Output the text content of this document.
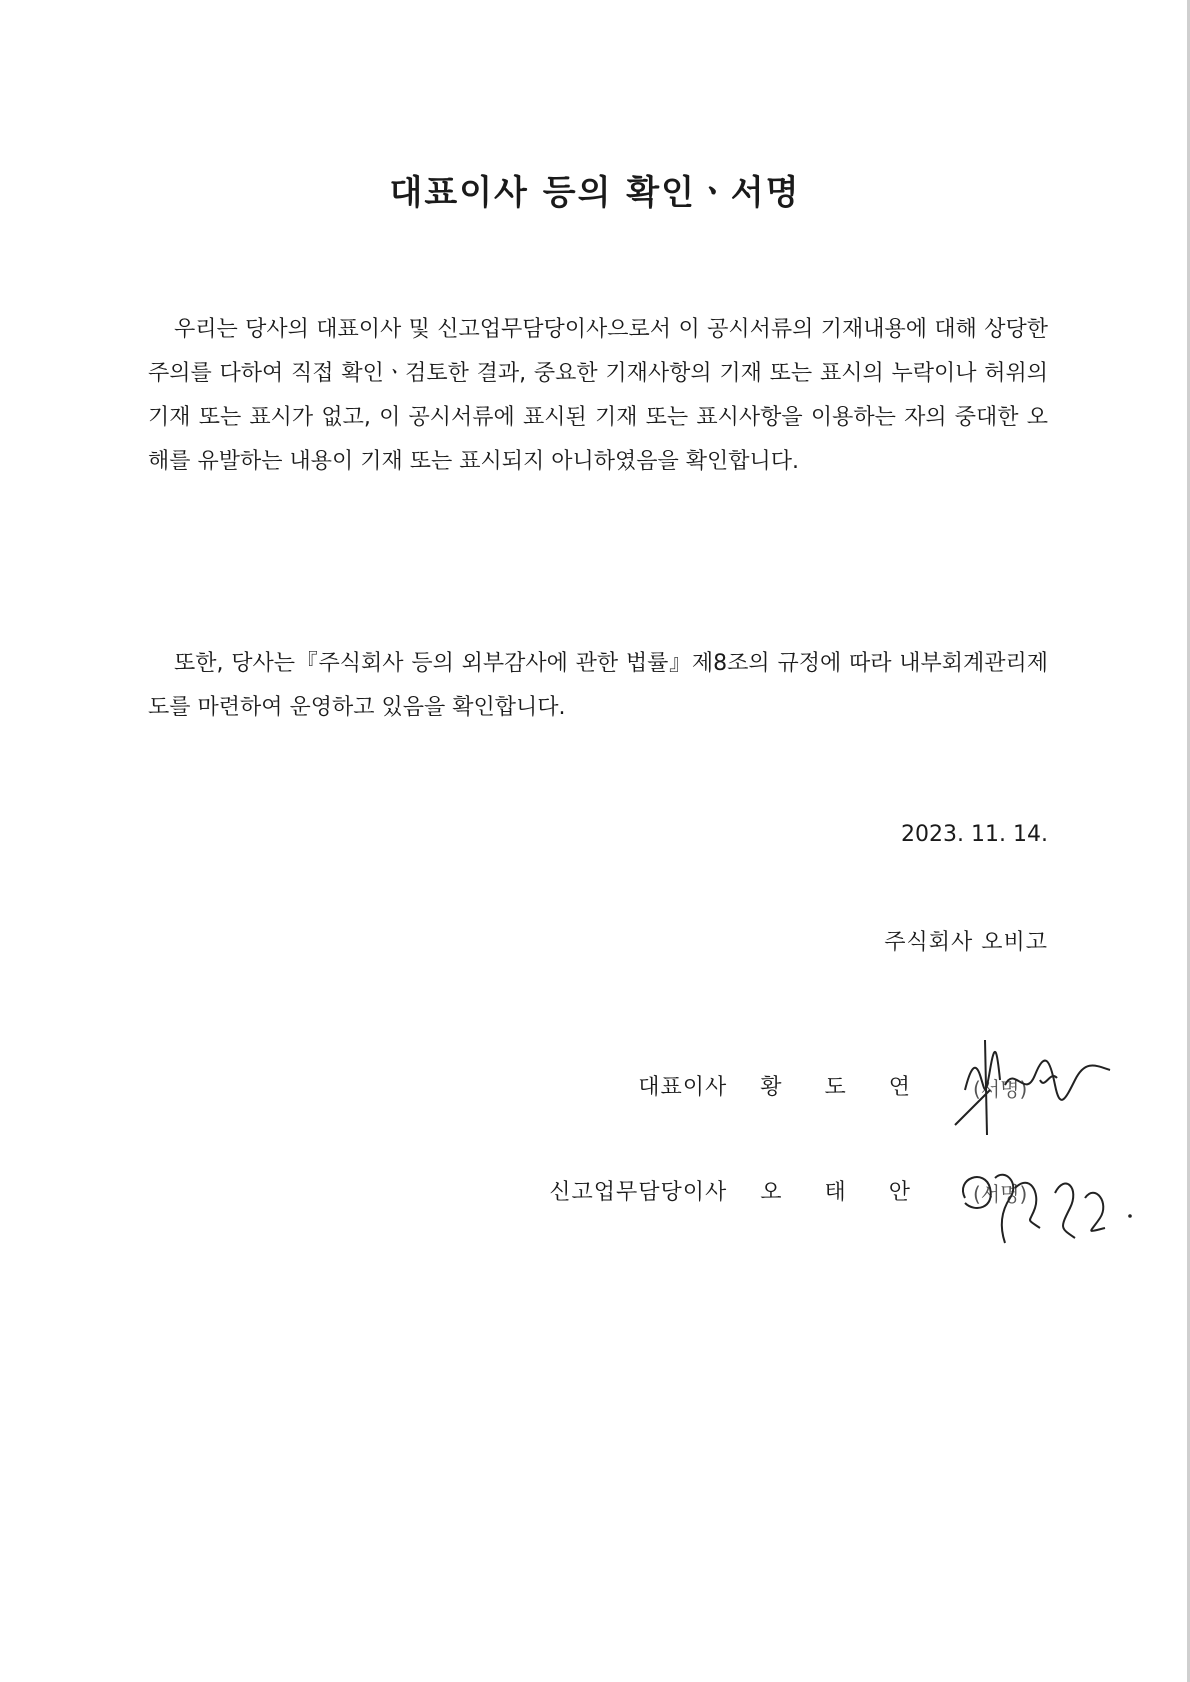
대표이사 등의 확인ㆍ서명

우리는 당사의 대표이사 및 신고업무담당이사으로서 이 공시서류의 기재내용에 대해 상당한 주의를 다하여 직접 확인ㆍ검토한 결과, 중요한 기재사항의 기재 또는 표시의 누락이나 허위의 기재 또는 표시가 없고, 이 공시서류에 표시된 기재 또는 표시사항을 이용하는 자의 중대한 오해를 유발하는 내용이 기재 또는 표시되지 아니하였음을 확인합니다.

또한, 당사는『주식회사 등의 외부감사에 관한 법률』제8조의 규정에 따라 내부회계관리제도를 마련하여 운영하고 있음을 확인합니다.

2023. 11. 14.
주식회사 오비고
대표이사 황 도 연 (서명)
신고업무담당이사 오 태 안 (서명)
